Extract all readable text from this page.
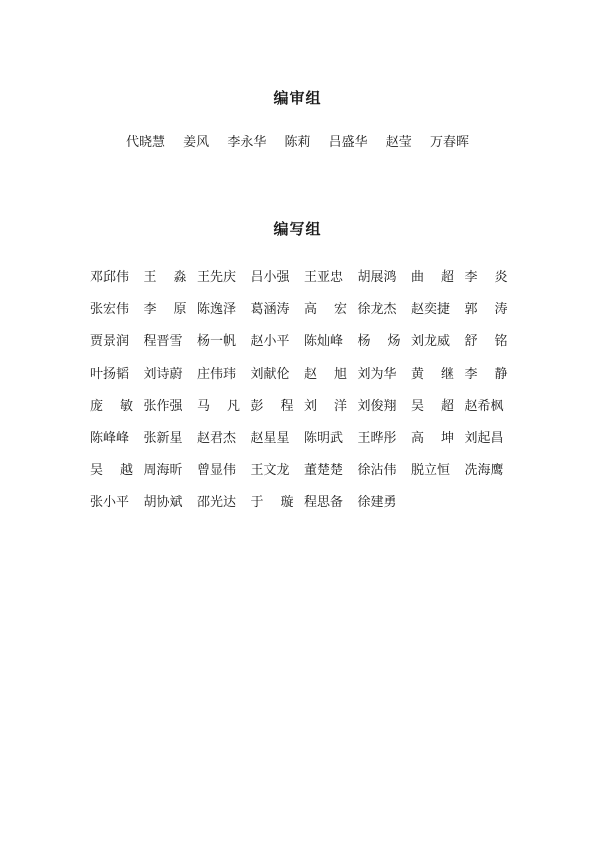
编审组
代晓慧 姜风 李永华 陈莉 吕盛华 赵莹 万春晖
编写组
邓邱伟	王 淼 王先庆	吕小强	王亚忠	胡展鸿	曲 超 李 炎
张宏伟	李 原 陈逸泽	葛涵涛	高 宏 徐龙杰	赵奕捷	郭 涛
贾景润	程晋雪	杨一帆	赵小平	陈灿峰	杨 炀 刘龙威	舒 铭
叶扬韬	刘诗蔚	庄伟玮	刘献伦	赵 旭 刘为华	黄 继 李 静
庞 敏 张作强	马 凡 彭 程 刘 洋 刘俊翔	吴 超 赵希枫
陈峰峰	张新星	赵君杰	赵星星	陈明武	王晔彤	高 坤 刘起昌
吴 越 周海昕	曾显伟	王文龙	董楚楚	徐沾伟	脱立恒	冼海鹰
张小平	胡协斌	邵光达	于 璇 程思备	徐建勇
